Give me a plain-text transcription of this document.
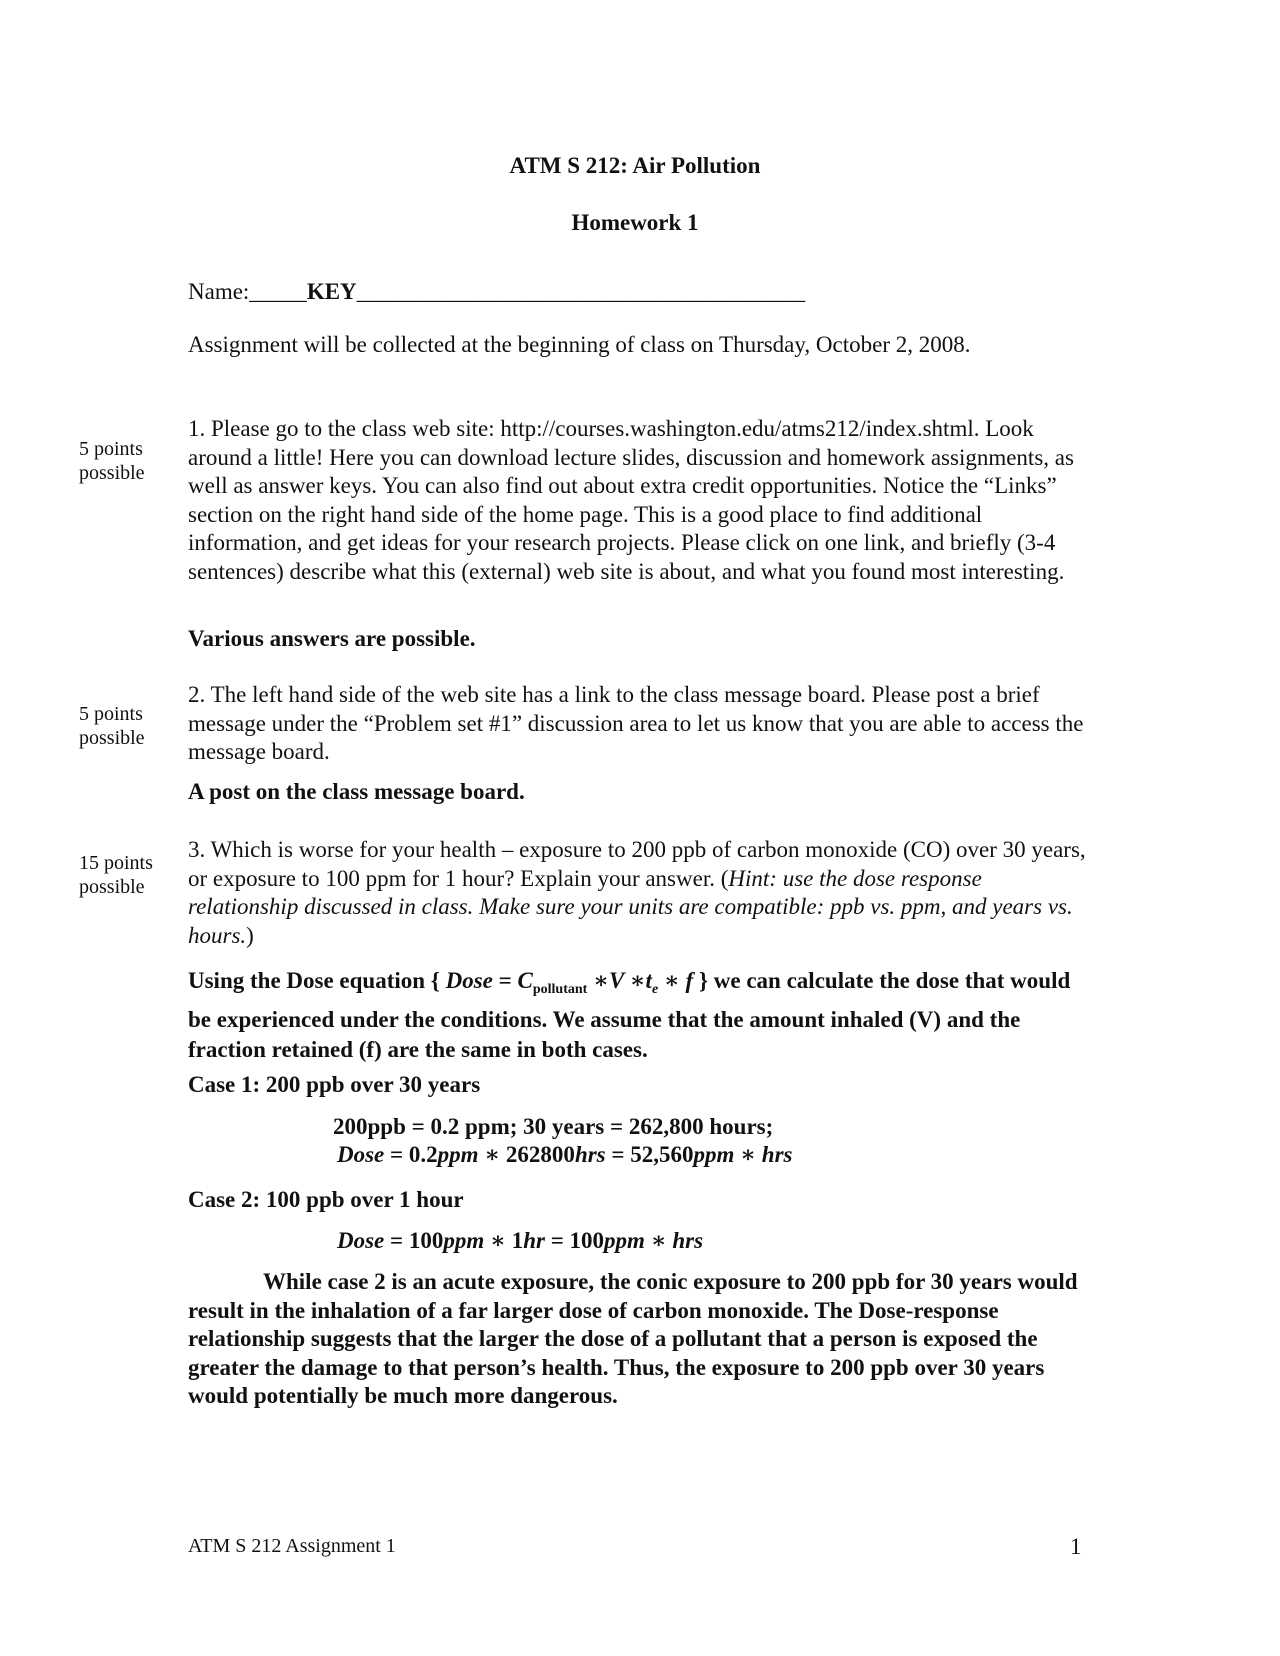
ATM S 212: Air Pollution
Homework 1
Name:_____KEY_______________________________________
Assignment will be collected at the beginning of class on Thursday, October 2, 2008.
5 points
possible
1. Please go to the class web site: http://courses.washington.edu/atms212/index.shtml. Look around a little! Here you can download lecture slides, discussion and homework assignments, as well as answer keys. You can also find out about extra credit opportunities. Notice the “Links” section on the right hand side of the home page. This is a good place to find additional information, and get ideas for your research projects. Please click on one link, and briefly (3-4 sentences) describe what this (external) web site is about, and what you found most interesting.
Various answers are possible.
5 points
possible
2. The left hand side of the web site has a link to the class message board. Please post a brief message under the “Problem set #1” discussion area to let us know that you are able to access the message board.
A post on the class message board.
15 points
possible
3. Which is worse for your health – exposure to 200 ppb of carbon monoxide (CO) over 30 years, or exposure to 100 ppm for 1 hour? Explain your answer. (Hint: use the dose response relationship discussed in class. Make sure your units are compatible: ppb vs. ppm, and years vs. hours.)
Using the Dose equation { Dose = $C_{pollutant}$ ∗V $∗t_e$ ∗ f } we can calculate the dose that would be experienced under the conditions. We assume that the amount inhaled (V) and the fraction retained (f) are the same in both cases.
Case 1: 200 ppb over 30 years
200ppb = 0.2 ppm; 30 years = 262,800 hours;
Dose = 0.2ppm ∗ 262800hrs = 52,560ppm ∗ hrs
Case 2: 100 ppb over 1 hour
Dose = 100ppm ∗ 1hr = 100ppm ∗ hrs
While case 2 is an acute exposure, the conic exposure to 200 ppb for 30 years would result in the inhalation of a far larger dose of carbon monoxide. The Dose-response relationship suggests that the larger the dose of a pollutant that a person is exposed the greater the damage to that person’s health. Thus, the exposure to 200 ppb over 30 years would potentially be much more dangerous.
ATM S 212 Assignment 1	1
